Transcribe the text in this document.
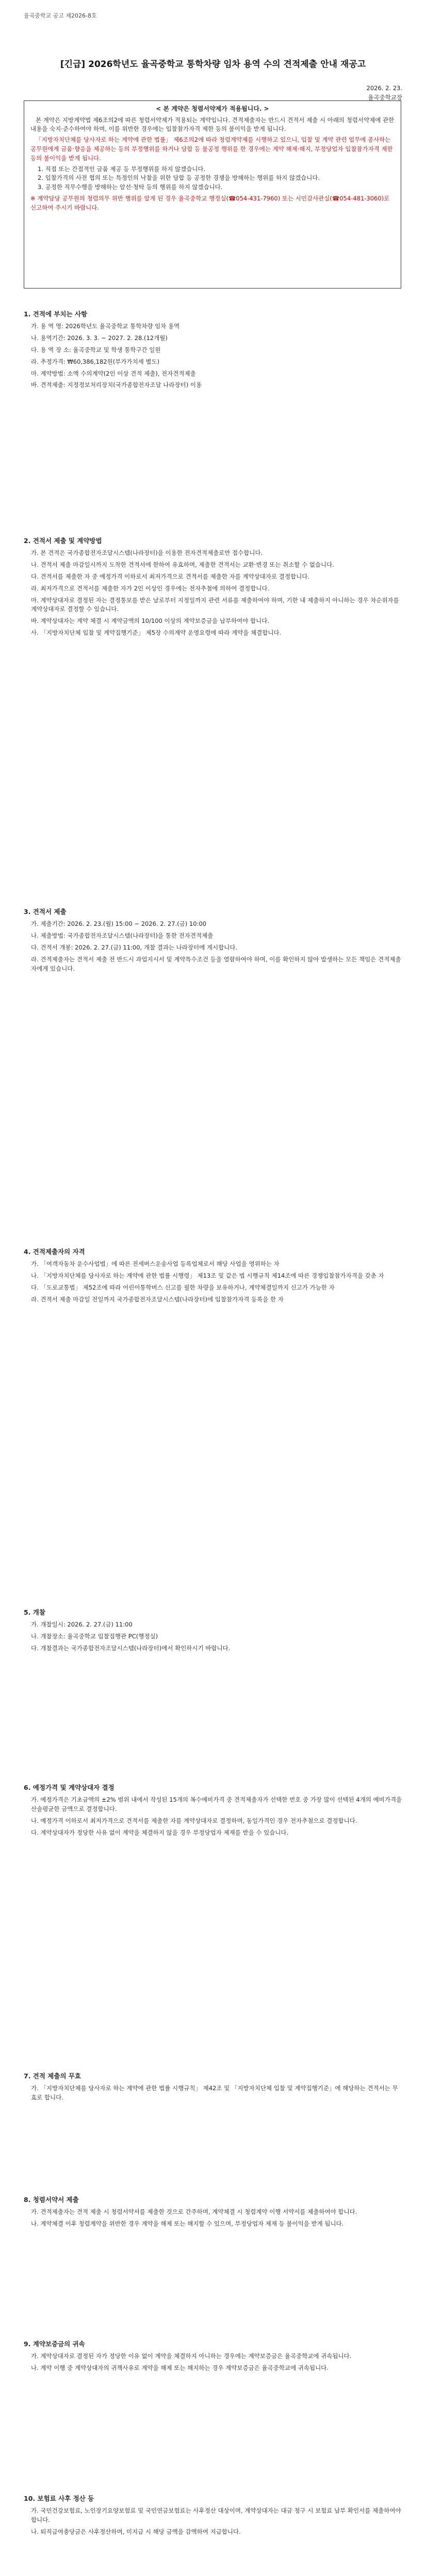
율곡중학교 공고 제2026-8호
[긴급] 2026학년도 율곡중학교 통학차량 임차 용역 수의 견적제출 안내 재공고
2026. 2. 23.
율곡중학교장
< 본 계약은 청렴서약제가 적용됩니다. >

본 계약은 지방계약법 제6조의2에 따른 청렴서약제가 적용되는 계약입니다. 견적제출자는 반드시 견적서 제출 시 아래의 청렴서약제에 관한 내용을 숙지·준수하여야 하며, 이를 위반한 경우에는 입찰참가자격 제한 등의 불이익을 받게 됩니다.

「지방자치단체를 당사자로 하는 계약에 관한 법률」 제6조의2에 따라 청렴계약제를 시행하고 있으니, 입찰 및 계약 관련 업무에 종사하는 공무원에게 금품·향응을 제공하는 등의 부정행위를 하거나 담합 등 불공정 행위를 한 경우에는 계약 해제·해지, 부정당업자 입찰참가자격 제한 등의 불이익을 받게 됩니다.

1. 직접 또는 간접적인 금품 제공 등 부정행위를 하지 않겠습니다.
2. 입찰가격의 사전 협의 또는 특정인의 낙찰을 위한 담합 등 공정한 경쟁을 방해하는 행위를 하지 않겠습니다.
3. 공정한 직무수행을 방해하는 알선·청탁 등의 행위를 하지 않겠습니다.
※ 계약담당 공무원의 청렴의무 위반 행위를 알게 된 경우 율곡중학교 행정실(☎054-431-7960) 또는 시민감사관실(☎054-481-3060)로 신고하여 주시기 바랍니다.
1. 견적에 부치는 사항

가. 용 역 명: 2026학년도 율곡중학교 통학차량 임차 용역

나. 용역기간: 2026. 3. 3. ~ 2027. 2. 28.(12개월)

다. 용 역 장 소: 율곡중학교 및 학생 통학구간 일원

라. 추정가격: ₩60,386,182원(부가가치세 별도)

마. 계약방법: 소액 수의계약(2인 이상 견적 제출), 전자견적제출

바. 견적제출: 지정정보처리장치(국가종합전자조달 나라장터) 이용

2. 견적서 제출 및 계약방법

가. 본 견적은 국가종합전자조달시스템(나라장터)을 이용한 전자견적제출로만 접수합니다.

나. 견적서 제출 마감일시까지 도착한 견적서에 한하여 유효하며, 제출한 견적서는 교환·변경 또는 취소할 수 없습니다.

다. 견적서를 제출한 자 중 예정가격 이하로서 최저가격으로 견적서를 제출한 자를 계약상대자로 결정합니다.

라. 최저가격으로 견적서를 제출한 자가 2인 이상인 경우에는 전자추첨에 의하여 결정합니다.

마. 계약상대자로 결정된 자는 결정통보를 받은 날로부터 지정일까지 관련 서류를 제출하여야 하며, 기한 내 제출하지 아니하는 경우 차순위자를 계약상대자로 결정할 수 있습니다.

바. 계약상대자는 계약 체결 시 계약금액의 10/100 이상의 계약보증금을 납부하여야 합니다.

사. 「지방자치단체 입찰 및 계약집행기준」 제5장 수의계약 운영요령에 따라 계약을 체결합니다.

3. 견적서 제출

가. 제출기간: 2026. 2. 23.(월) 15:00 ~ 2026. 2. 27.(금) 10:00

나. 제출방법: 국가종합전자조달시스템(나라장터)을 통한 전자견적제출

다. 견적서 개봉: 2026. 2. 27.(금) 11:00, 개찰 결과는 나라장터에 게시합니다.

라. 견적제출자는 견적서 제출 전 반드시 과업지시서 및 계약특수조건 등을 열람하여야 하며, 이를 확인하지 않아 발생하는 모든 책임은 견적제출자에게 있습니다.

4. 견적제출자의 자격

가. 「여객자동차 운수사업법」에 따른 전세버스운송사업 등록업체로서 해당 사업을 영위하는 자

나. 「지방자치단체를 당사자로 하는 계약에 관한 법률 시행령」 제13조 및 같은 법 시행규칙 제14조에 따른 경쟁입찰참가자격을 갖춘 자

다. 「도로교통법」 제52조에 따라 어린이통학버스 신고를 필한 차량을 보유하거나, 계약체결일까지 신고가 가능한 자

라. 견적서 제출 마감일 전일까지 국가종합전자조달시스템(나라장터)에 입찰참가자격 등록을 한 자

5. 개찰

가. 개찰일시: 2026. 2. 27.(금) 11:00

나. 개찰장소: 율곡중학교 입찰집행관 PC(행정실)

다. 개찰결과는 국가종합전자조달시스템(나라장터)에서 확인하시기 바랍니다.

6. 예정가격 및 계약상대자 결정

가. 예정가격은 기초금액의 ±2% 범위 내에서 작성된 15개의 복수예비가격 중 견적제출자가 선택한 번호 중 가장 많이 선택된 4개의 예비가격을 산술평균한 금액으로 결정합니다.

나. 예정가격 이하로서 최저가격으로 견적서를 제출한 자를 계약상대자로 결정하며, 동일가격인 경우 전자추첨으로 결정합니다.

다. 계약상대자가 정당한 사유 없이 계약을 체결하지 않을 경우 부정당업자 제재를 받을 수 있습니다.

7. 견적 제출의 무효

가. 「지방자치단체를 당사자로 하는 계약에 관한 법률 시행규칙」 제42조 및 「지방자치단체 입찰 및 계약집행기준」에 해당하는 견적서는 무효로 합니다.

8. 청렴서약서 제출

가. 견적제출자는 견적 제출 시 청렴서약서를 제출한 것으로 간주하며, 계약체결 시 청렴계약 이행 서약서를 제출하여야 합니다.

나. 계약체결 이후 청렴계약을 위반한 경우 계약을 해제 또는 해지할 수 있으며, 부정당업자 제재 등 불이익을 받게 됩니다.

9. 계약보증금의 귀속

가. 계약상대자로 결정된 자가 정당한 이유 없이 계약을 체결하지 아니하는 경우에는 계약보증금은 율곡중학교에 귀속됩니다.

나. 계약 이행 중 계약상대자의 귀책사유로 계약을 해제 또는 해지하는 경우 계약보증금은 율곡중학교에 귀속됩니다.

10. 보험료 사후 정산 등

가. 국민건강보험료, 노인장기요양보험료 및 국민연금보험료는 사후정산 대상이며, 계약상대자는 대금 청구 시 보험료 납부 확인서를 제출하여야 합니다.

나. 퇴직급여충당금은 사후정산하며, 미지급 시 해당 금액을 감액하여 지급합니다.
